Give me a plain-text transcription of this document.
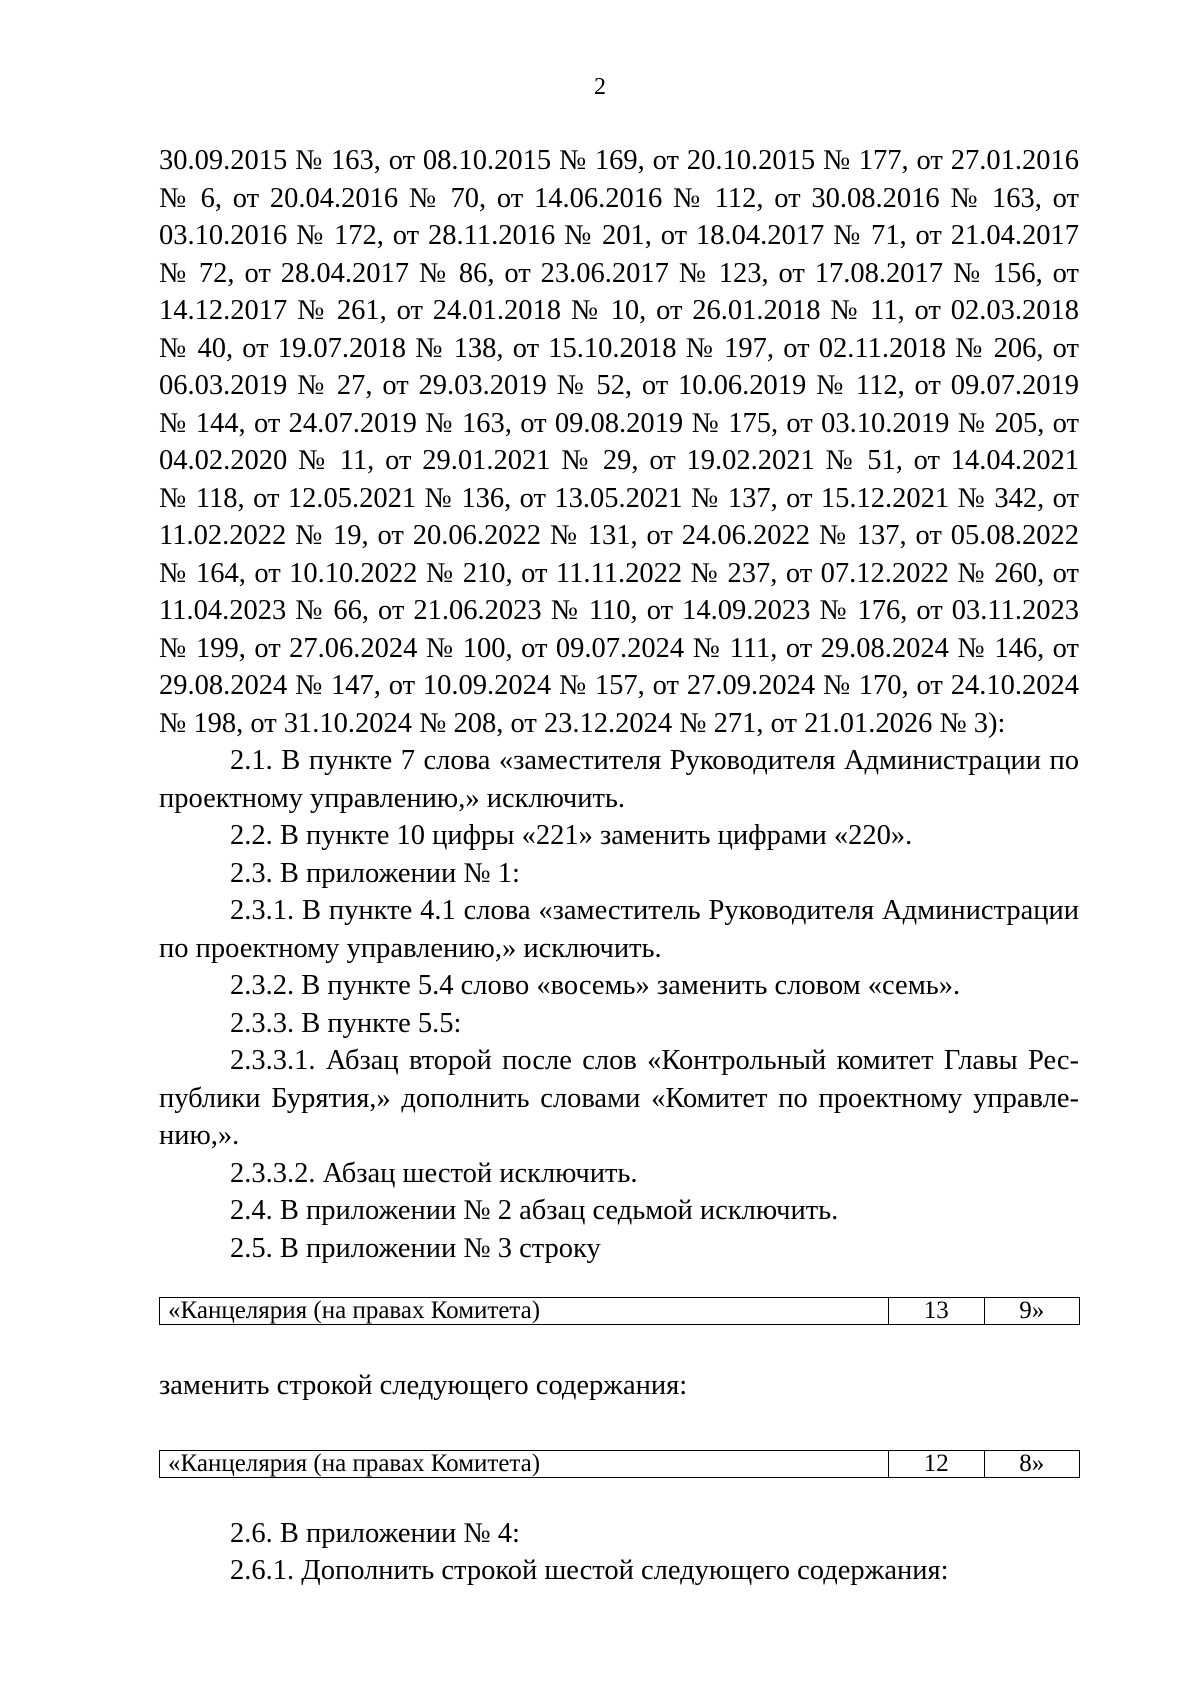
2
30.09.2015 № 163, от 08.10.2015 № 169, от 20.10.2015 № 177, от 27.01.2016
№ 6, от 20.04.2016 № 70, от 14.06.2016 № 112, от 30.08.2016 № 163, от
03.10.2016 № 172, от 28.11.2016 № 201, от 18.04.2017 № 71, от 21.04.2017
№ 72, от 28.04.2017 № 86, от 23.06.2017 № 123, от 17.08.2017 № 156, от
14.12.2017 № 261, от 24.01.2018 № 10, от 26.01.2018 № 11, от 02.03.2018
№ 40, от 19.07.2018 № 138, от 15.10.2018 № 197, от 02.11.2018 № 206, от
06.03.2019 № 27, от 29.03.2019 № 52, от 10.06.2019 № 112, от 09.07.2019
№ 144, от 24.07.2019 № 163, от 09.08.2019 № 175, от 03.10.2019 № 205, от
04.02.2020 № 11, от 29.01.2021 № 29, от 19.02.2021 № 51, от 14.04.2021
№ 118, от 12.05.2021 № 136, от 13.05.2021 № 137, от 15.12.2021 № 342, от
11.02.2022 № 19, от 20.06.2022 № 131, от 24.06.2022 № 137, от 05.08.2022
№ 164, от 10.10.2022 № 210, от 11.11.2022 № 237, от 07.12.2022 № 260, от
11.04.2023 № 66, от 21.06.2023 № 110, от 14.09.2023 № 176, от 03.11.2023
№ 199, от 27.06.2024 № 100, от 09.07.2024 № 111, от 29.08.2024 № 146, от
29.08.2024 № 147, от 10.09.2024 № 157, от 27.09.2024 № 170, от 24.10.2024
№ 198, от 31.10.2024 № 208, от 23.12.2024 № 271, от 21.01.2026 № 3):
2.1. В пункте 7 слова «заместителя Руководителя Администрации по
проектному управлению,» исключить.
2.2. В пункте 10 цифры «221» заменить цифрами «220».
2.3. В приложении № 1:
2.3.1. В пункте 4.1 слова «заместитель Руководителя Администрации
по проектному управлению,» исключить.
2.3.2. В пункте 5.4 слово «восемь» заменить словом «семь».
2.3.3. В пункте 5.5:
2.3.3.1. Абзац второй после слов «Контрольный комитет Главы Рес-
публики Бурятия,» дополнить словами «Комитет по проектному управле-
нию,».
2.3.3.2. Абзац шестой исключить.
2.4. В приложении № 2 абзац седьмой исключить.
2.5. В приложении № 3 строку
«Канцелярия (на правах Комитета)	13	9»
заменить строкой следующего содержания:
«Канцелярия (на правах Комитета)	12	8»
2.6. В приложении № 4:
2.6.1. Дополнить строкой шестой следующего содержания:
